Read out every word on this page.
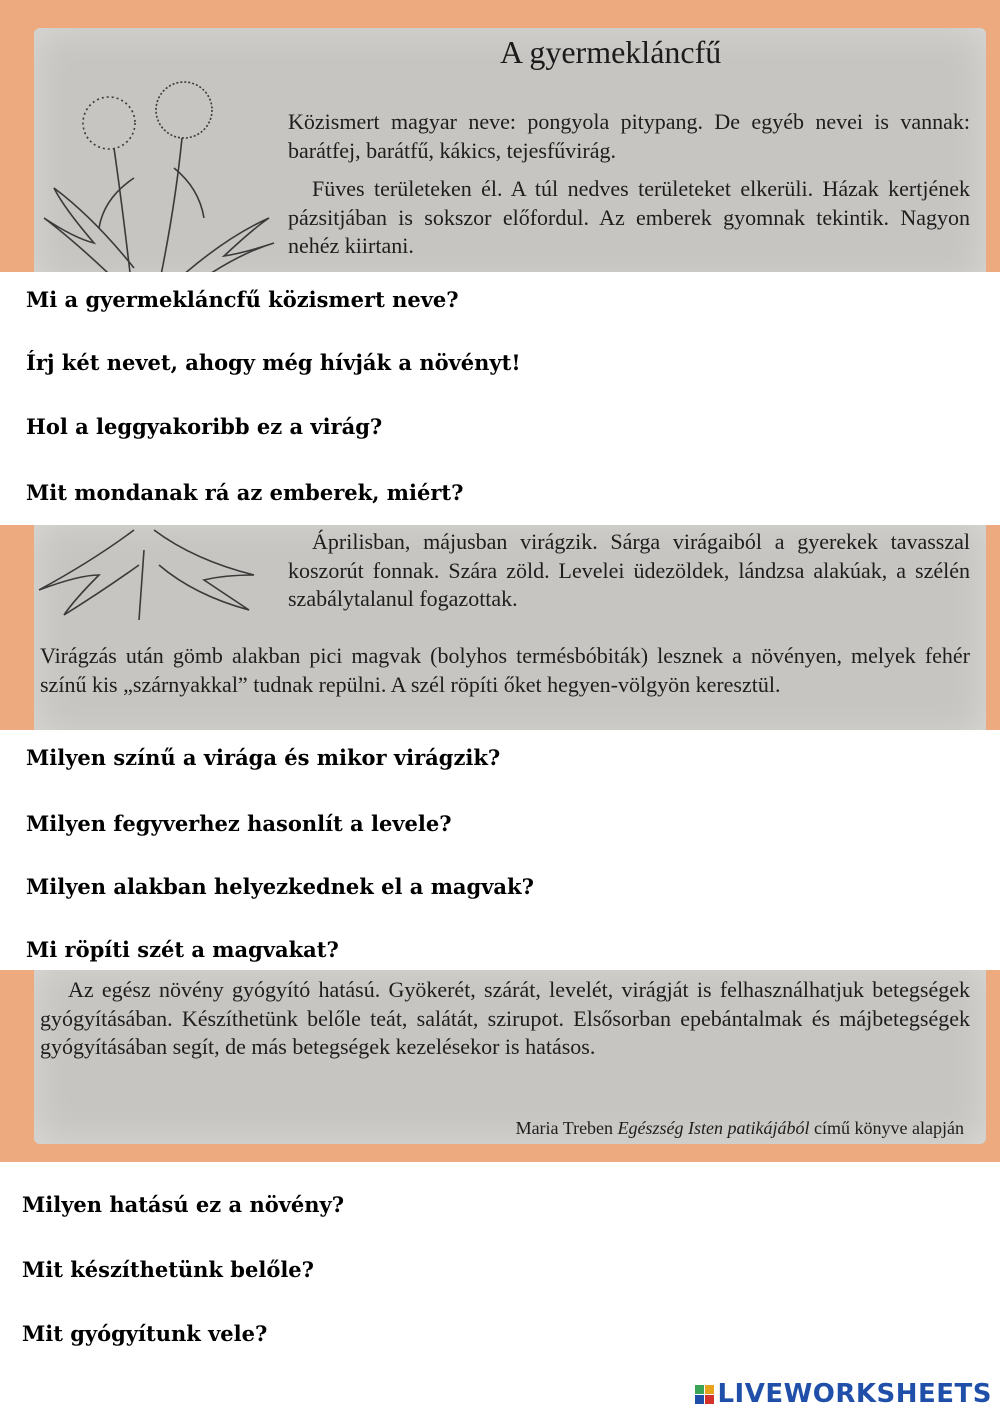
A gyermekláncfű

Közismert magyar neve: pongyola pitypang. De egyéb nevei is vannak: barátfej, barátfű, kákics, tejesfűvirág.

Füves területeken él. A túl nedves területeket elkerüli. Házak kertjének pázsitjában is sokszor előfordul. Az emberek gyomnak tekintik. Nagyon nehéz kiirtani.

Mi a gyermekláncfű közismert neve?

Írj két nevet, ahogy még hívják a növényt!

Hol a leggyakoribb ez a virág?

Mit mondanak rá az emberek, miért?

Áprilisban, májusban virágzik. Sárga virágaiból a gyerekek tavasszal koszorút fonnak. Szára zöld. Levelei üdezöldek, lándzsa alakúak, a szélén szabálytalanul fogazottak.

Virágzás után gömb alakban pici magvak (bolyhos termésbóbiták) lesznek a növényen, melyek fehér színű kis „szárnyakkal” tudnak repülni. A szél röpíti őket hegyen-völgyön keresztül.

Milyen színű a virága és mikor virágzik?

Milyen fegyverhez hasonlít a levele?

Milyen alakban helyezkednek el a magvak?

Mi röpíti szét a magvakat?

Az egész növény gyógyító hatású. Gyökerét, szárát, levelét, virágját is felhasználhatjuk betegségek gyógyításában. Készíthetünk belőle teát, salátát, szirupot. Elsősorban epebántalmak és májbetegségek gyógyításában segít, de más betegségek kezelésekor is hatásos.

Maria Treben Egészség Isten patikájából című könyve alapján

Milyen hatású ez a növény?

Mit készíthetünk belőle?

Mit gyógyítunk vele?

LIVEWORKSHEETS
